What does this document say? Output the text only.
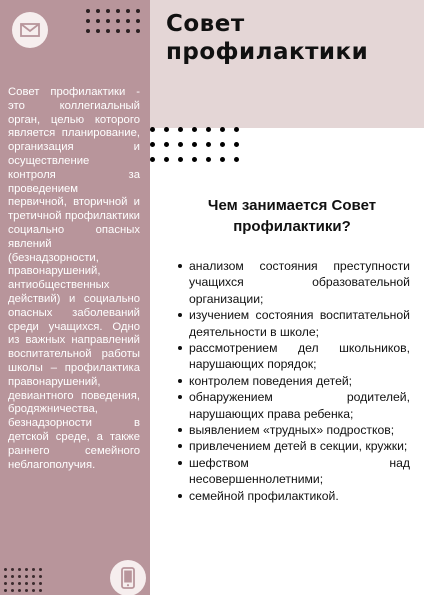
Совет
профилактики

Совет профилактики - это коллегиальный орган, целью которого является планирование, организация и осуществление контроля за проведением первичной, вторичной и третичной профилактики социально опасных явлений (безнадзорности, правонарушений, антиобщественных действий) и социально опасных заболеваний среди учащихся. Одно из важных направлений воспитательной работы школы – профилактика правонарушений, девиантного поведения, бродяжничества, безнадзорности в детской среде, а также раннего семейного неблагополучия.

Чем занимается Совет профилактики?
анализом состояния преступности учащихся образовательной организации;
изучением состояния воспитательной деятельности в школе;
рассмотрением дел школьников, нарушающих порядок;
контролем поведения детей;
обнаружением родителей, нарушающих права ребенка;
выявлением «трудных» подростков;
привлечением детей в секции, кружки;
шефством над несовершеннолетними;
семейной профилактикой.
